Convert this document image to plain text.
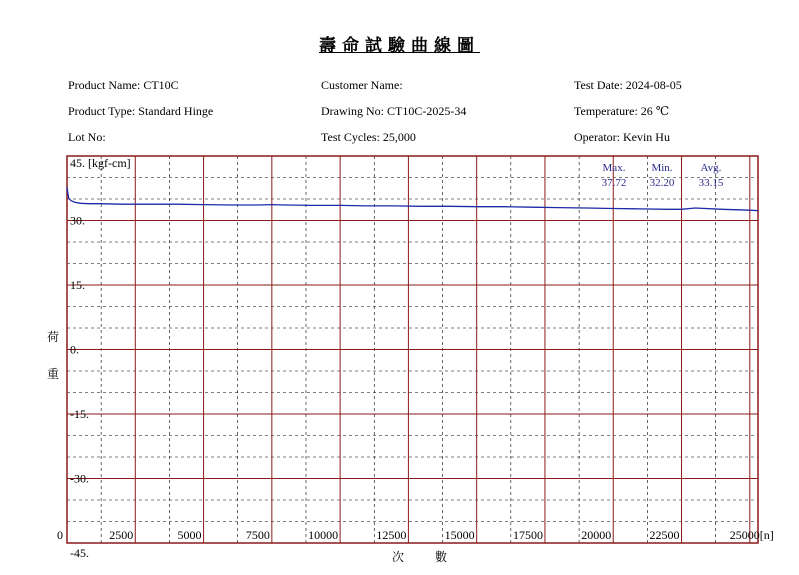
壽命試驗曲線圖
Product Name: CT10C	Customer Name:	Test Date: 2024-08-05
Product Type: Standard Hinge	Drawing No: CT10C-2025-34	Temperature: 26 ℃
Lot No:	Test Cycles: 25,000	Operator: Kevin Hu
30.
15.
0.
-15.
-30.
45. [kgf-cm]
-45.
0	2500	5000	7500	10000	12500	15000	17500	20000	22500	25000[n]
Max.
37.72
Min.
32.20
Avg.
33.15
荷
重
次 數
